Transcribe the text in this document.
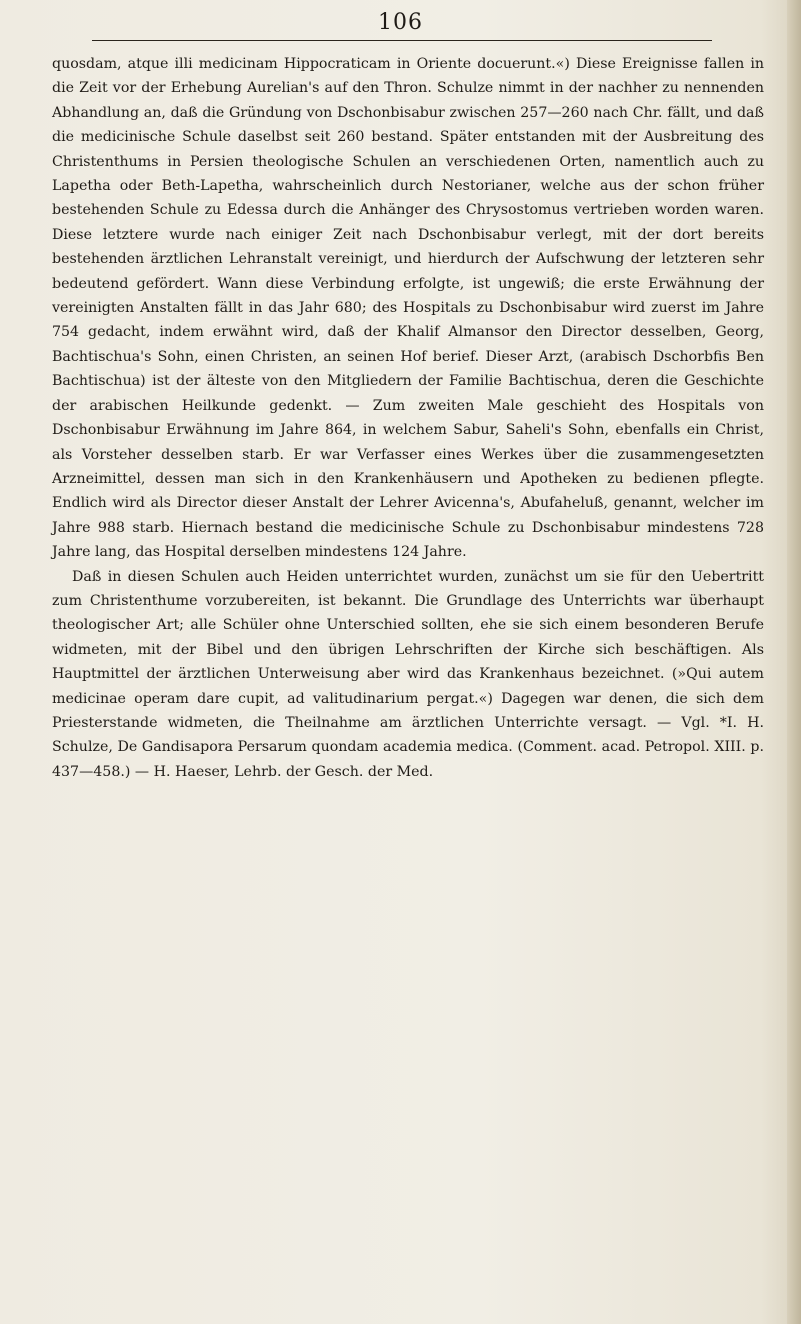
106

quosdam, atque illi medicinam Hippocraticam in Oriente docuerunt.«) Diese Ereignisse fallen in die Zeit vor der Erhebung Aurelian's auf den Thron. Schulze nimmt in der nachher zu nennenden Abhandlung an, daß die Gründung von Dschonbisabur zwischen 257—260 nach Chr. fällt, und daß die medicinische Schule daselbst seit 260 bestand. Später entstanden mit der Ausbreitung des Christenthums in Persien theologische Schulen an verschiedenen Orten, namentlich auch zu Lapetha oder Beth-Lapetha, wahrscheinlich durch Nestorianer, welche aus der schon früher bestehenden Schule zu Edessa durch die Anhänger des Chrysostomus vertrieben worden waren. Diese letztere wurde nach einiger Zeit nach Dschonbisabur verlegt, mit der dort bereits bestehenden ärztlichen Lehranstalt vereinigt, und hierdurch der Aufschwung der letzteren sehr bedeutend gefördert. Wann diese Verbindung erfolgte, ist ungewiß; die erste Erwähnung der vereinigten Anstalten fällt in das Jahr 680; des Hospitals zu Dschonbisabur wird zuerst im Jahre 754 gedacht, indem erwähnt wird, daß der Khalif Almansor den Director desselben, Georg, Bachtischua's Sohn, einen Christen, an seinen Hof berief. Dieser Arzt, (arabisch Dschorbfis Ben Bachtischua) ist der älteste von den Mitgliedern der Familie Bachtischua, deren die Geschichte der arabischen Heilkunde gedenkt. — Zum zweiten Male geschieht des Hospitals von Dschonbisabur Erwähnung im Jahre 864, in welchem Sabur, Saheli's Sohn, ebenfalls ein Christ, als Vorsteher desselben starb. Er war Verfasser eines Werkes über die zusammengesetzten Arzneimittel, dessen man sich in den Krankenhäusern und Apotheken zu bedienen pflegte. Endlich wird als Director dieser Anstalt der Lehrer Avicenna's, Abufaheluß, genannt, welcher im Jahre 988 starb. Hiernach bestand die medicinische Schule zu Dschonbisabur mindestens 728 Jahre lang, das Hospital derselben mindestens 124 Jahre.

Daß in diesen Schulen auch Heiden unterrichtet wurden, zunächst um sie für den Uebertritt zum Christenthume vorzubereiten, ist bekannt. Die Grundlage des Unterrichts war überhaupt theologischer Art; alle Schüler ohne Unterschied sollten, ehe sie sich einem besonderen Berufe widmeten, mit der Bibel und den übrigen Lehrschriften der Kirche sich beschäftigen. Als Hauptmittel der ärztlichen Unterweisung aber wird das Krankenhaus bezeichnet. (»Qui autem medicinae operam dare cupit, ad valitudinarium pergat.«) Dagegen war denen, die sich dem Priesterstande widmeten, die Theilnahme am ärztlichen Unterrichte versagt. — Vgl. *I. H. Schulze, De Gandisapora Persarum quondam academia medica. (Comment. acad. Petropol. XIII. p. 437—458.) — H. Haeser, Lehrb. der Gesch. der Med.
